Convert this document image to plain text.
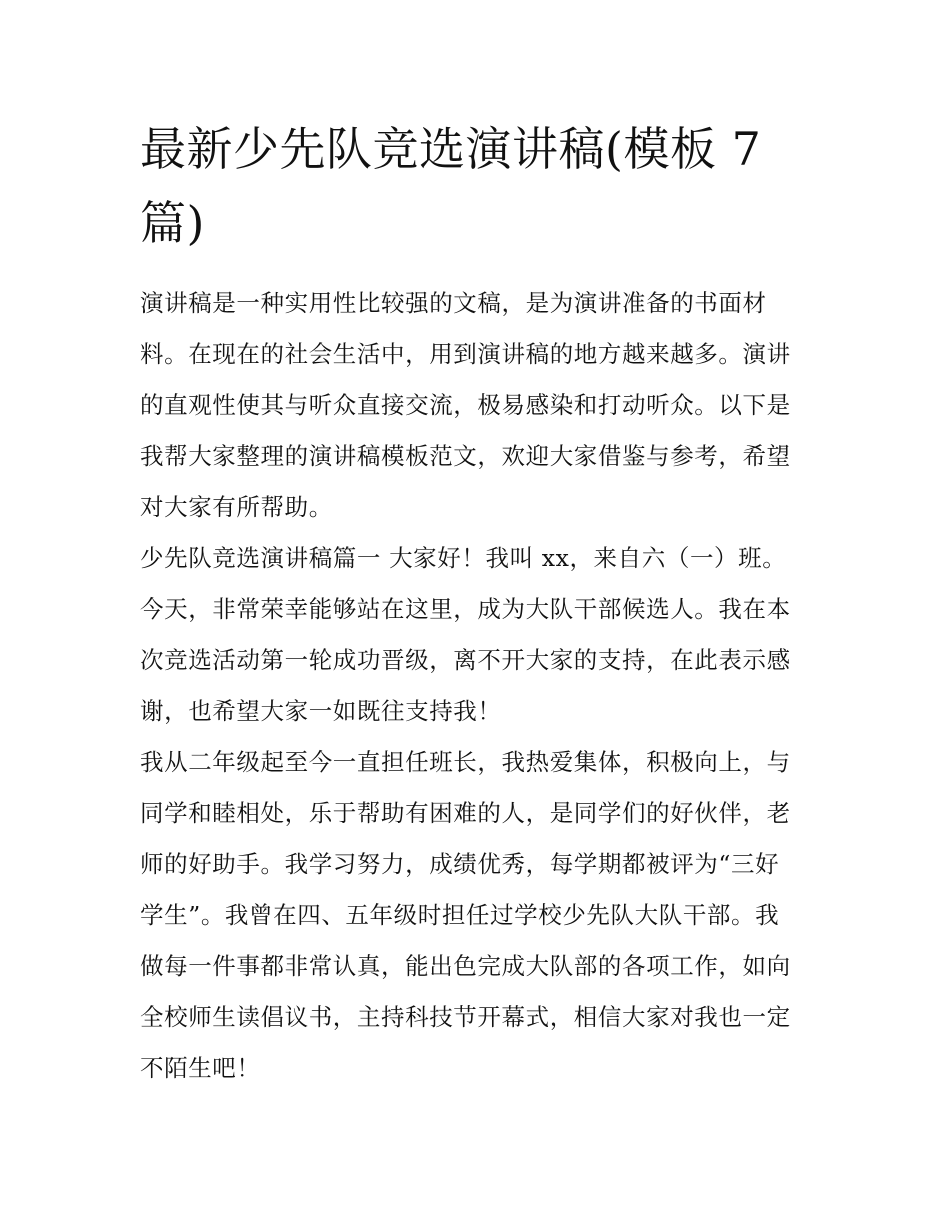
最新少先队竞选演讲稿(模板 7
篇)
演讲稿是一种实用性比较强的文稿，是为演讲准备的书面材
料。在现在的社会生活中，用到演讲稿的地方越来越多。演讲
的直观性使其与听众直接交流，极易感染和打动听众。以下是
我帮大家整理的演讲稿模板范文，欢迎大家借鉴与参考，希望
对大家有所帮助。
少先队竞选演讲稿篇一 大家好！我叫 xx，来自六（一）班。
今天，非常荣幸能够站在这里，成为大队干部候选人。我在本
次竞选活动第一轮成功晋级，离不开大家的支持，在此表示感
谢，也希望大家一如既往支持我！
我从二年级起至今一直担任班长，我热爱集体，积极向上，与
同学和睦相处，乐于帮助有困难的人，是同学们的好伙伴，老
师的好助手。我学习努力，成绩优秀，每学期都被评为“三好
学生”。我曾在四、五年级时担任过学校少先队大队干部。我
做每一件事都非常认真，能出色完成大队部的各项工作，如向
全校师生读倡议书，主持科技节开幕式，相信大家对我也一定
不陌生吧！
